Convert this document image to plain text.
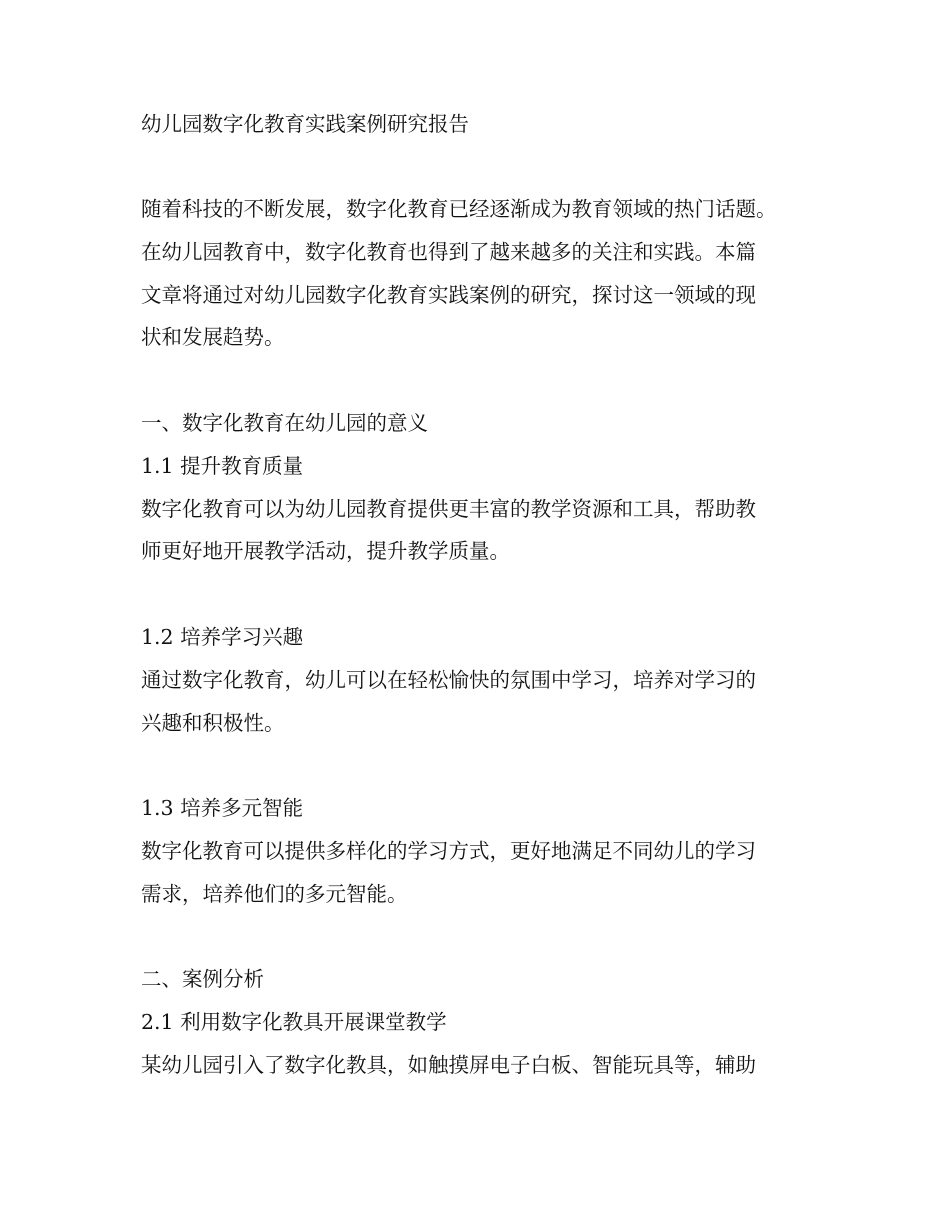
幼儿园数字化教育实践案例研究报告

随着科技的不断发展，数字化教育已经逐渐成为教育领域的热门话题。

在幼儿园教育中，数字化教育也得到了越来越多的关注和实践。本篇

文章将通过对幼儿园数字化教育实践案例的研究，探讨这一领域的现

状和发展趋势。

一、数字化教育在幼儿园的意义

1.1 提升教育质量

数字化教育可以为幼儿园教育提供更丰富的教学资源和工具，帮助教

师更好地开展教学活动，提升教学质量。

1.2 培养学习兴趣

通过数字化教育，幼儿可以在轻松愉快的氛围中学习，培养对学习的

兴趣和积极性。

1.3 培养多元智能

数字化教育可以提供多样化的学习方式，更好地满足不同幼儿的学习

需求，培养他们的多元智能。

二、案例分析

2.1 利用数字化教具开展课堂教学

某幼儿园引入了数字化教具，如触摸屏电子白板、智能玩具等，辅助
